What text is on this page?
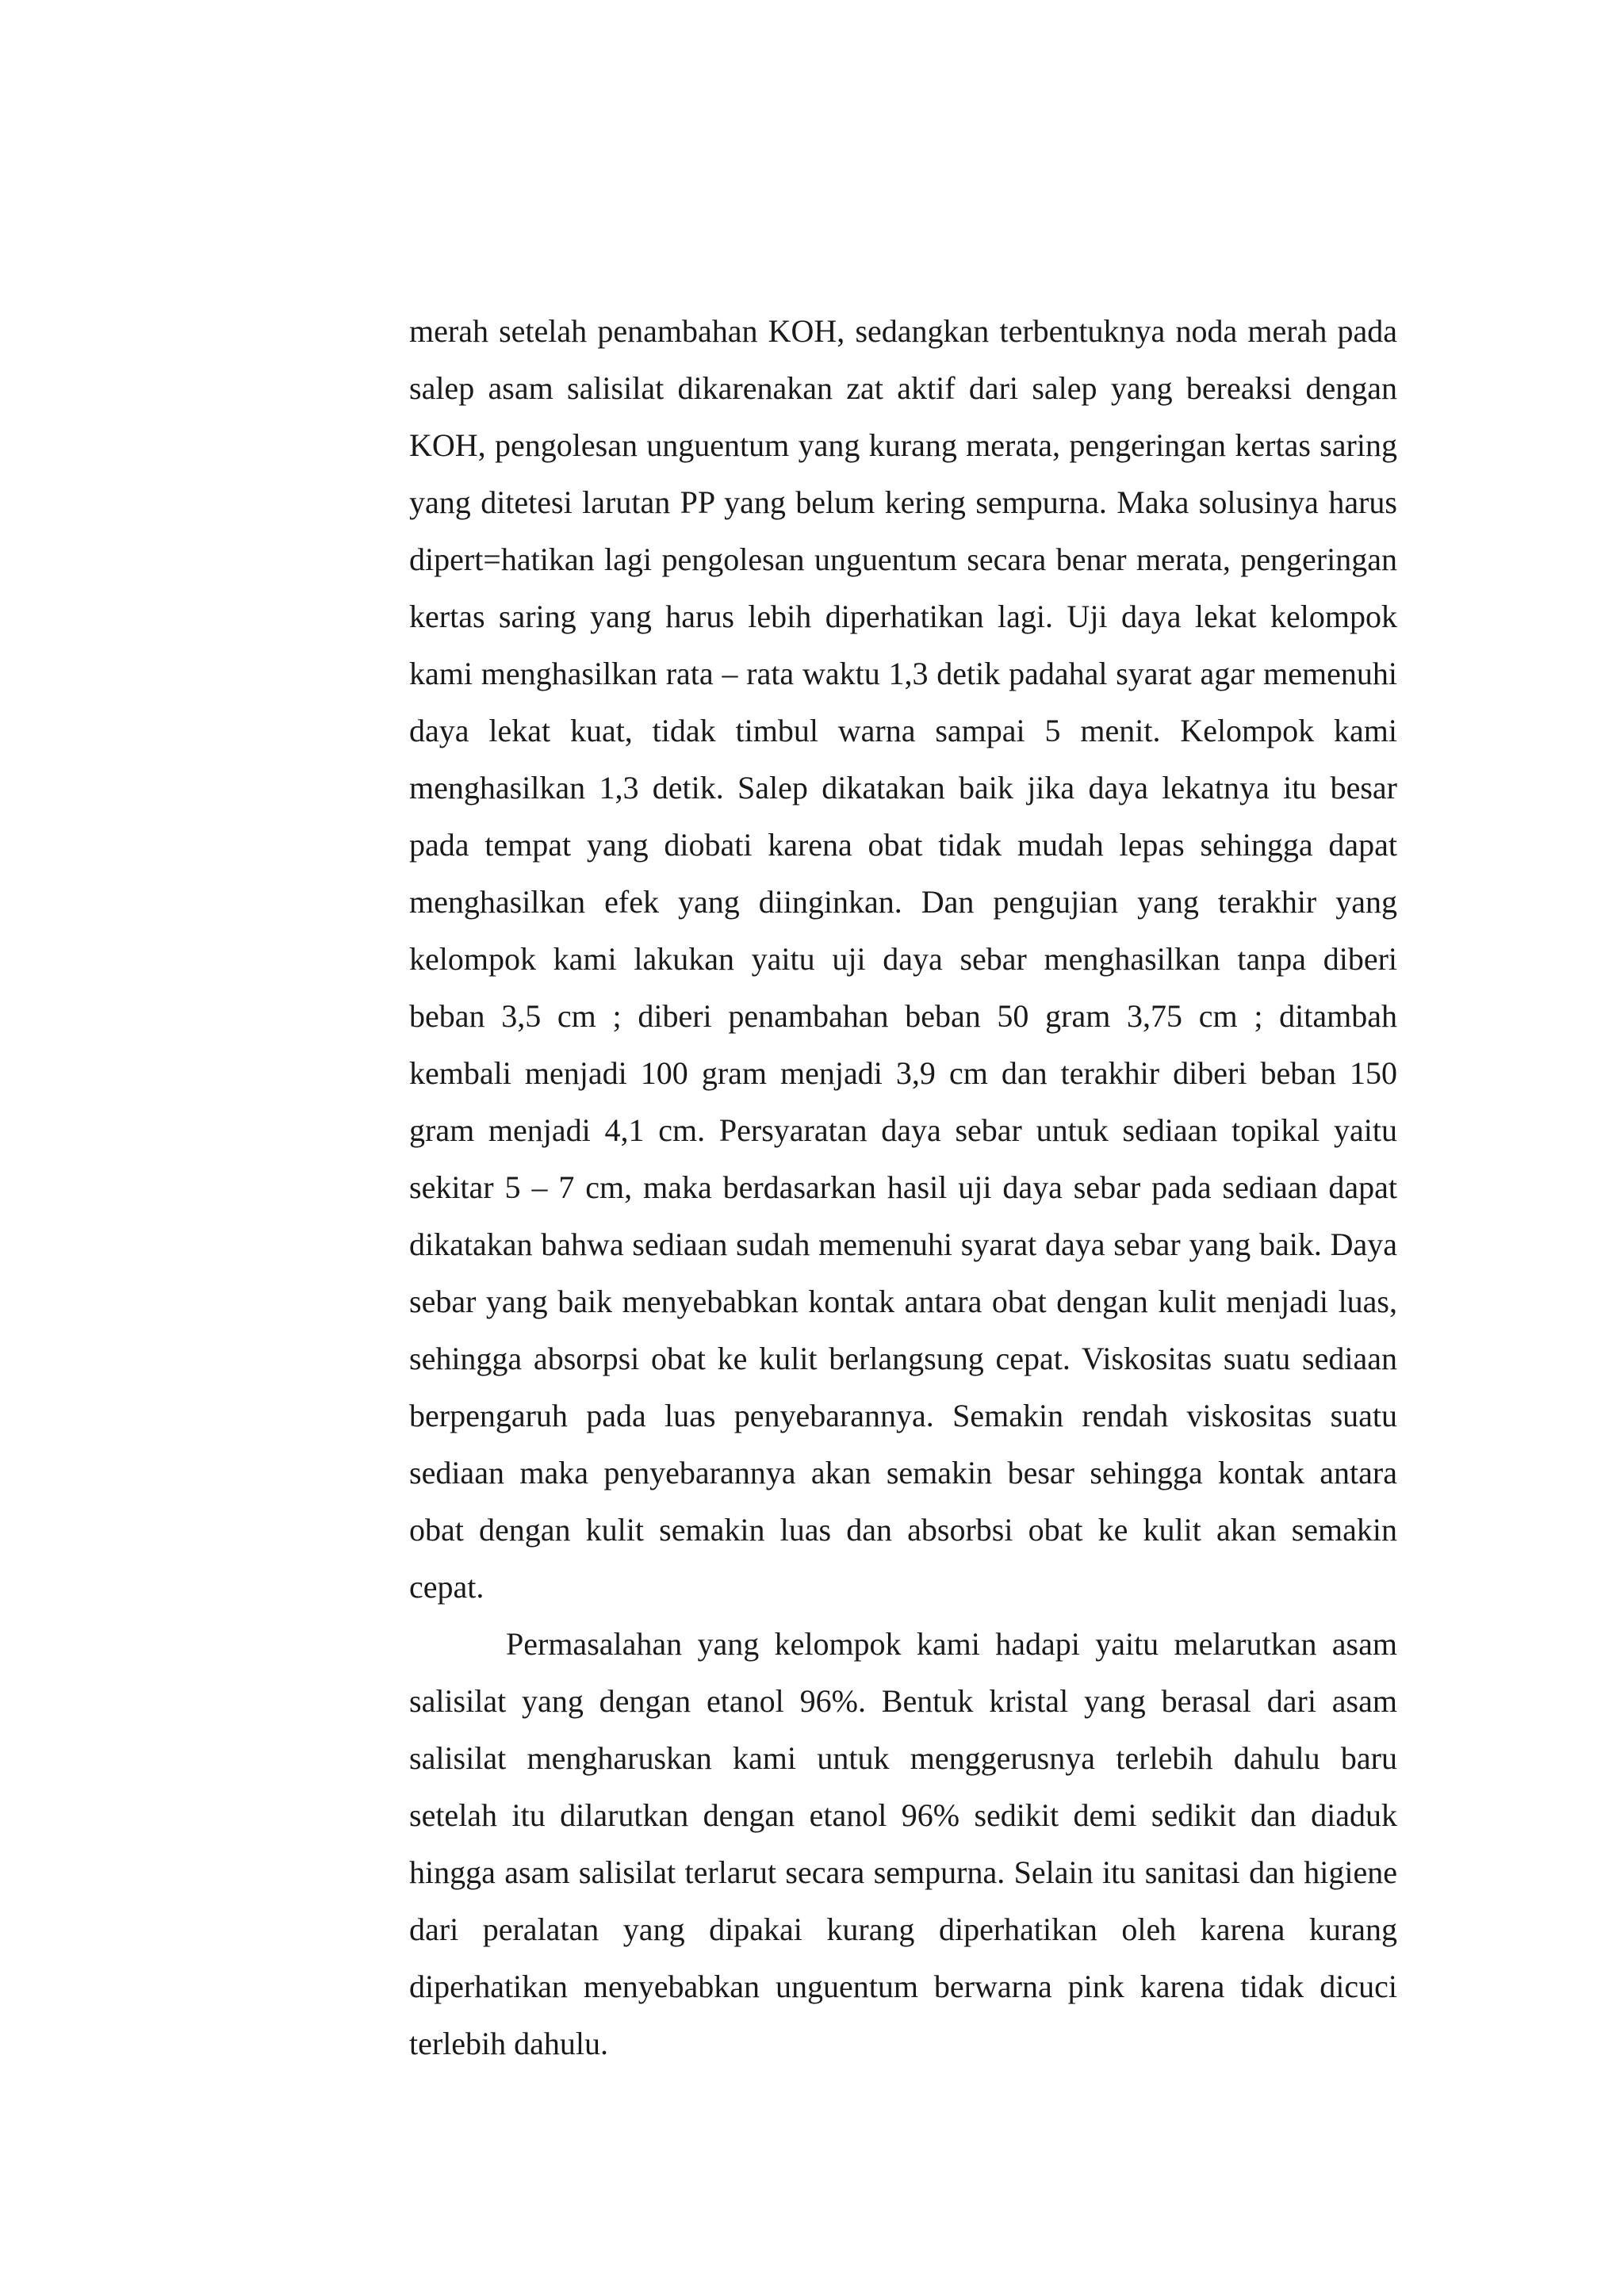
merah setelah penambahan KOH, sedangkan terbentuknya noda merah pada salep asam salisilat dikarenakan zat aktif dari salep yang bereaksi dengan KOH, pengolesan unguentum yang kurang merata, pengeringan kertas saring yang ditetesi larutan PP yang belum kering sempurna. Maka solusinya harus dipert=hatikan lagi pengolesan unguentum secara benar merata, pengeringan kertas saring yang harus lebih diperhatikan lagi. Uji daya lekat kelompok kami menghasilkan rata – rata waktu 1,3 detik padahal syarat agar memenuhi daya lekat kuat, tidak timbul warna sampai 5 menit. Kelompok kami menghasilkan 1,3 detik. Salep dikatakan baik jika daya lekatnya itu besar pada tempat yang diobati karena obat tidak mudah lepas sehingga dapat menghasilkan efek yang diinginkan. Dan pengujian yang terakhir yang kelompok kami lakukan yaitu uji daya sebar menghasilkan tanpa diberi beban 3,5 cm ; diberi penambahan beban 50 gram 3,75 cm ; ditambah kembali menjadi 100 gram menjadi 3,9 cm dan terakhir diberi beban 150 gram menjadi 4,1 cm. Persyaratan daya sebar untuk sediaan topikal yaitu sekitar 5 – 7 cm, maka berdasarkan hasil uji daya sebar pada sediaan dapat dikatakan bahwa sediaan sudah memenuhi syarat daya sebar yang baik. Daya sebar yang baik menyebabkan kontak antara obat dengan kulit menjadi luas, sehingga absorpsi obat ke kulit berlangsung cepat. Viskositas suatu sediaan berpengaruh pada luas penyebarannya. Semakin rendah viskositas suatu sediaan maka penyebarannya akan semakin besar sehingga kontak antara obat dengan kulit semakin luas dan absorbsi obat ke kulit akan semakin cepat.

Permasalahan yang kelompok kami hadapi yaitu melarutkan asam salisilat yang dengan etanol 96%. Bentuk kristal yang berasal dari asam salisilat mengharuskan kami untuk menggerusnya terlebih dahulu baru setelah itu dilarutkan dengan etanol 96% sedikit demi sedikit dan diaduk hingga asam salisilat terlarut secara sempurna. Selain itu sanitasi dan higiene dari peralatan yang dipakai kurang diperhatikan oleh karena kurang diperhatikan menyebabkan unguentum berwarna pink karena tidak dicuci terlebih dahulu.
